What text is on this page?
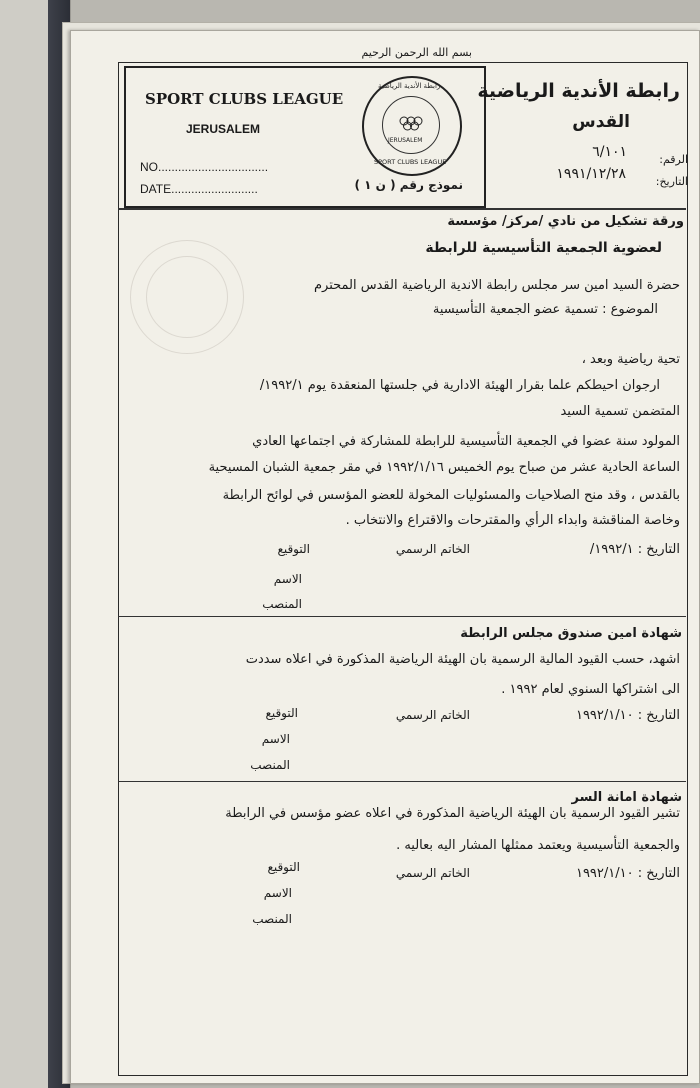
SPORT CLUBS LEAGUE
JERUSALEM
NO.................................
DATE..........................
بسم الله الرحمن الرحيم
JERUSALEM
رابطة الأندية الرياضية
SPORT CLUBS LEAGUE
رابطة الأندية الرياضية
القدس
الرقم:
٦/١٠١
التاريخ:
١٩٩١/١٢/٢٨
نموذج رقم ( ن ١ )
ورقة تشكيل من نادي /مركز/ مؤسسة
لعضوية الجمعية التأسيسية للرابطة
حضرة السيد امين سر مجلس رابطة الاندية الرياضية القدس المحترم
الموضوع : تسمية عضو الجمعية التأسيسية
تحية رياضية وبعد ،
ارجوان احيطكم علما بقرار الهيئة الادارية في جلستها المنعقدة يوم ١٩٩٢/١/
المتضمن تسمية السيد
المولود سنة عضوا في الجمعية التأسيسية للرابطة للمشاركة في اجتماعها العادي
الساعة الحادية عشر من صباح يوم الخميس ١٩٩٢/١/١٦ في مقر جمعية الشبان المسيحية
بالقدس ، وقد منح الصلاحيات والمسئوليات المخولة للعضو المؤسس في لوائح الرابطة
وخاصة المناقشة وابداء الرأي والمقترحات والاقتراع والانتخاب .
التاريخ : ١٩٩٢/١/
الخاتم الرسمي
التوقيع
الاسم
المنصب
شهادة امين صندوق مجلس الرابطة
اشهد، حسب القيود المالية الرسمية بان الهيئة الرياضية المذكورة في اعلاه سددت
الى اشتراكها السنوي لعام ١٩٩٢ .
التاريخ : ١٩٩٢/١/١٠
الخاتم الرسمي
التوقيع
الاسم
المنصب
شهادة امانة السر
تشير القيود الرسمية بان الهيئة الرياضية المذكورة في اعلاه عضو مؤسس في الرابطة
والجمعية التأسيسية ويعتمد ممثلها المشار اليه بعاليه .
التاريخ : ١٩٩٢/١/١٠
الخاتم الرسمي
التوقيع
الاسم
المنصب
